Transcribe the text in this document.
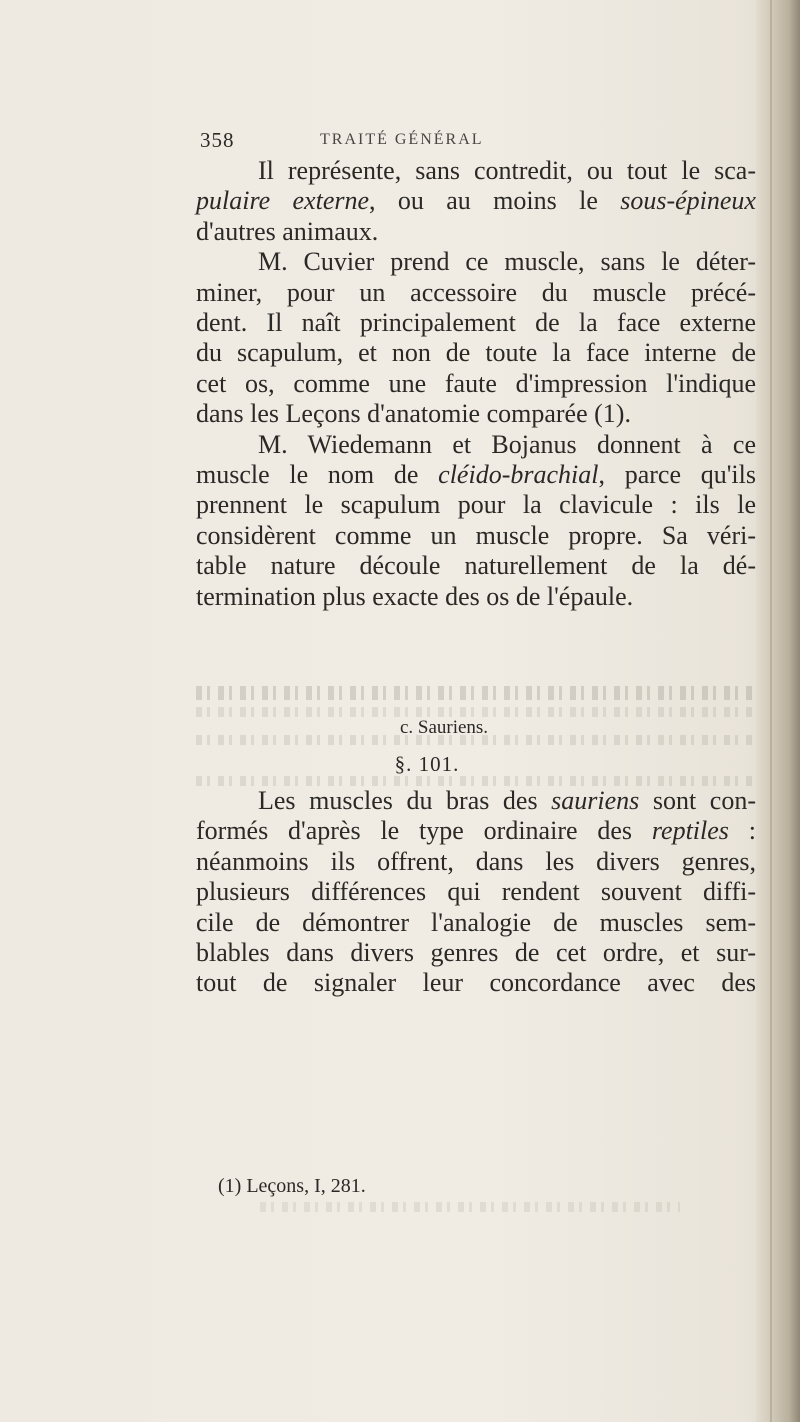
358	TRAITÉ GÉNÉRAL
Il représente, sans contredit, ou tout le sca-
pulaire externe, ou au moins le sous-épineux
d'autres animaux.
M. Cuvier prend ce muscle, sans le déter-
miner, pour un accessoire du muscle précé-
dent. Il naît principalement de la face externe
du scapulum, et non de toute la face interne de
cet os, comme une faute d'impression l'indique
dans les Leçons d'anatomie comparée (1).
M. Wiedemann et Bojanus donnent à ce
muscle le nom de cléido-brachial, parce qu'ils
prennent le scapulum pour la clavicule : ils le
considèrent comme un muscle propre. Sa véri-
table nature découle naturellement de la dé-
termination plus exacte des os de l'épaule.
c. Sauriens.
§. 101.
Les muscles du bras des sauriens sont con-
formés d'après le type ordinaire des reptiles :
néanmoins ils offrent, dans les divers genres,
plusieurs différences qui rendent souvent diffi-
cile de démontrer l'analogie de muscles sem-
blables dans divers genres de cet ordre, et sur-
tout de signaler leur concordance avec des
(1) Leçons, I, 281.
